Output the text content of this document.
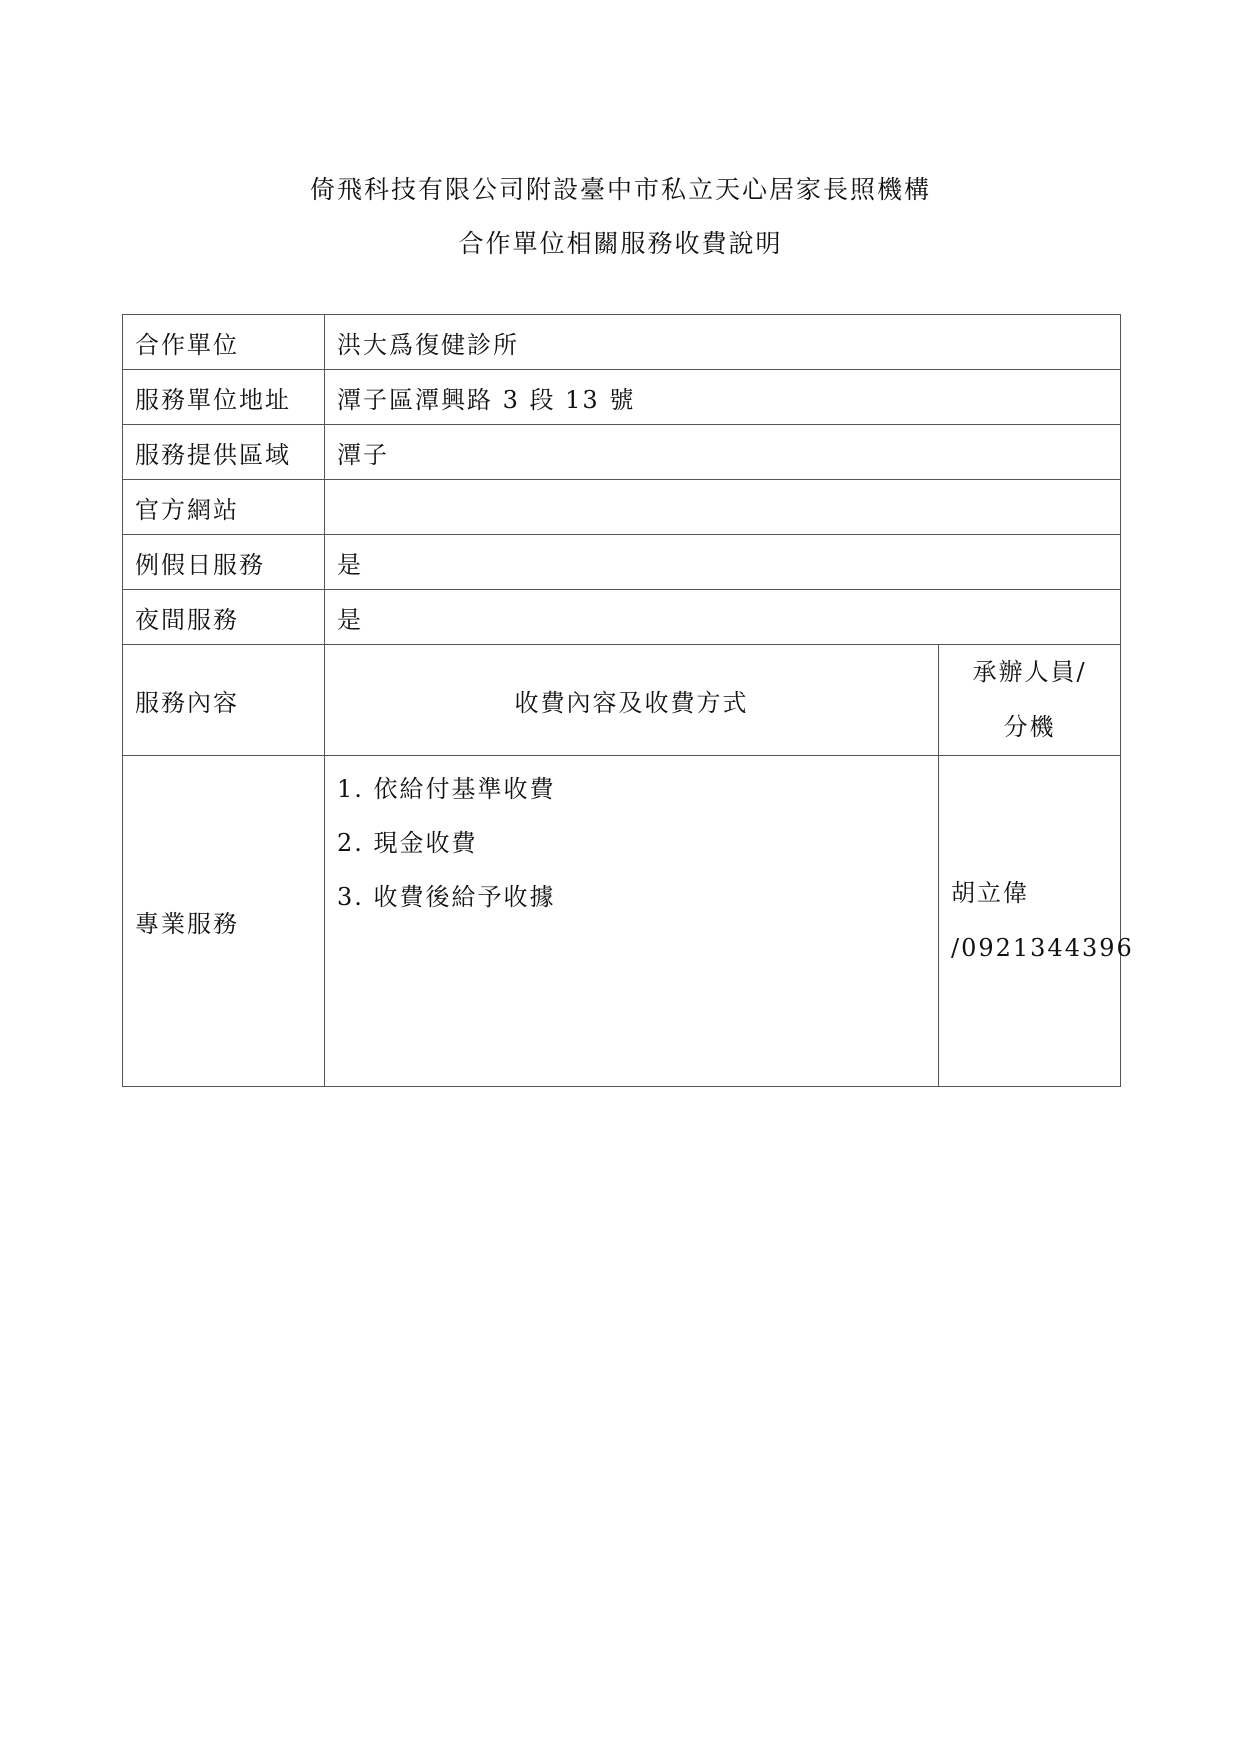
倚飛科技有限公司附設臺中市私立天心居家長照機構
合作單位相關服務收費說明
合作單位	洪大爲復健診所	
服務單位地址	潭子區潭興路 3 段 13 號	
服務提供區域	潭子	
官方網站		
例假日服務	是	
夜間服務	是	
服務內容	收費內容及收費方式	承辦人員/
分機

專業服務	1. 依給付基準收費
2. 現金收費
3. 收費後給予收據	胡立偉
/0921344396
